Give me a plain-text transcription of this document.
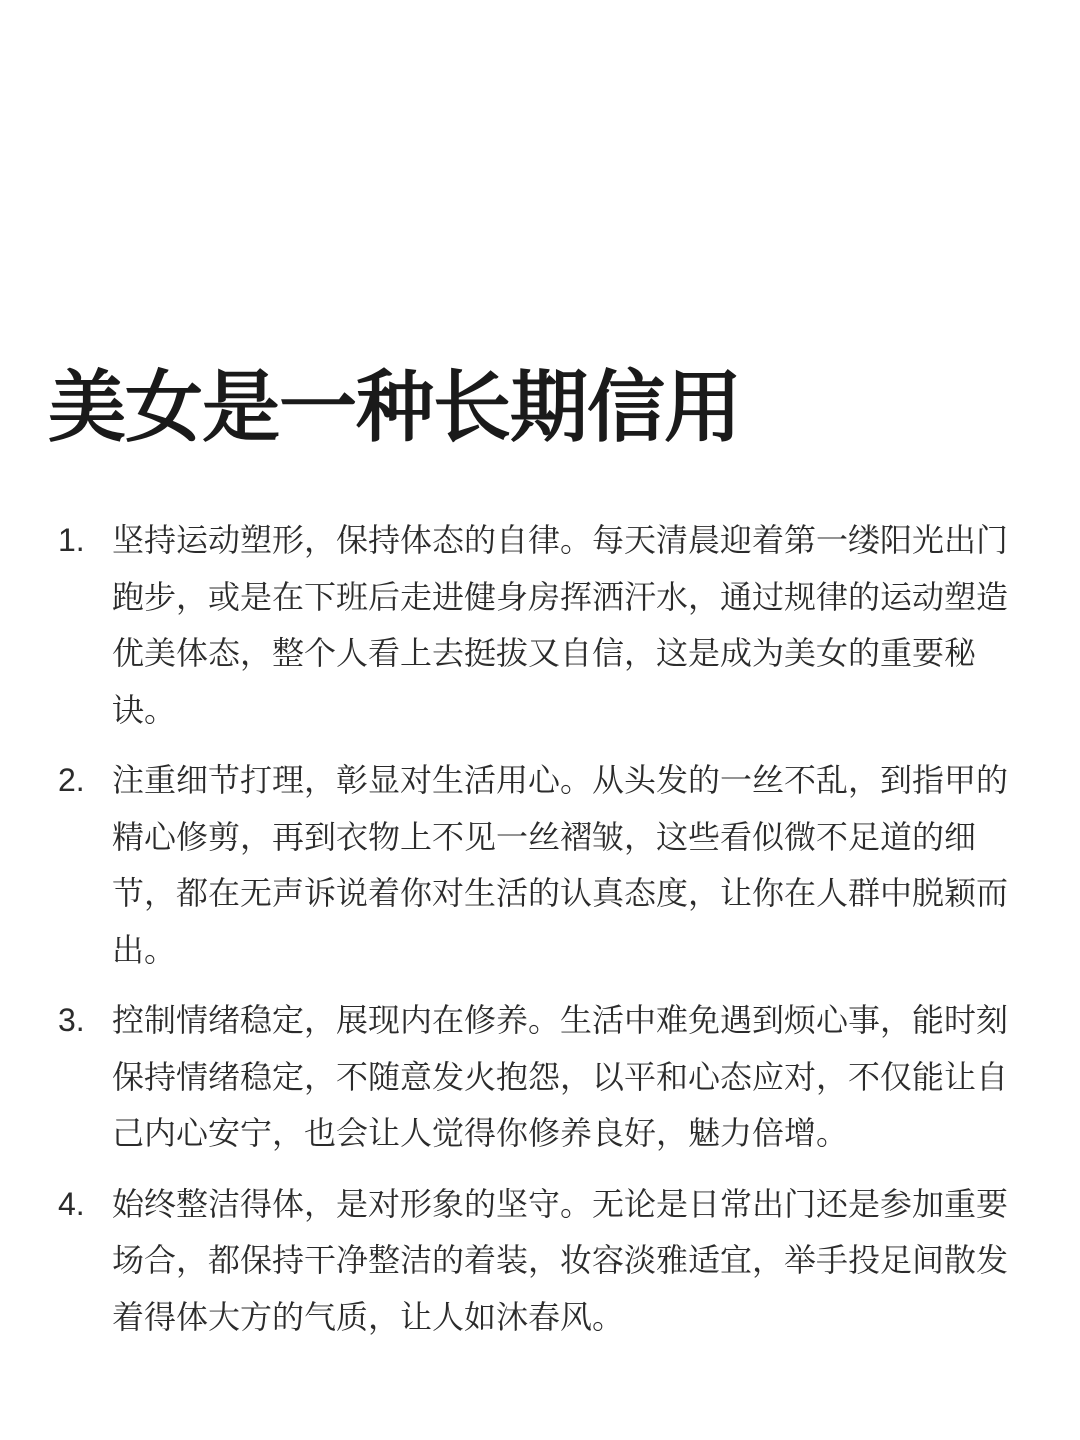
美女是一种长期信用
1. 坚持运动塑形，保持体态的自律。每天清晨迎着第一缕阳光出门跑步，或是在下班后走进健身房挥洒汗水，通过规律的运动塑造优美体态，整个人看上去挺拔又自信，这是成为美女的重要秘诀。
2. 注重细节打理，彰显对生活用心。从头发的一丝不乱，到指甲的精心修剪，再到衣物上不见一丝褶皱，这些看似微不足道的细节，都在无声诉说着你对生活的认真态度，让你在人群中脱颖而出。
3. 控制情绪稳定，展现内在修养。生活中难免遇到烦心事，能时刻保持情绪稳定，不随意发火抱怨，以平和心态应对，不仅能让自己内心安宁，也会让人觉得你修养良好，魅力倍增。
4. 始终整洁得体，是对形象的坚守。无论是日常出门还是参加重要场合，都保持干净整洁的着装，妆容淡雅适宜，举手投足间散发着得体大方的气质，让人如沐春风。
